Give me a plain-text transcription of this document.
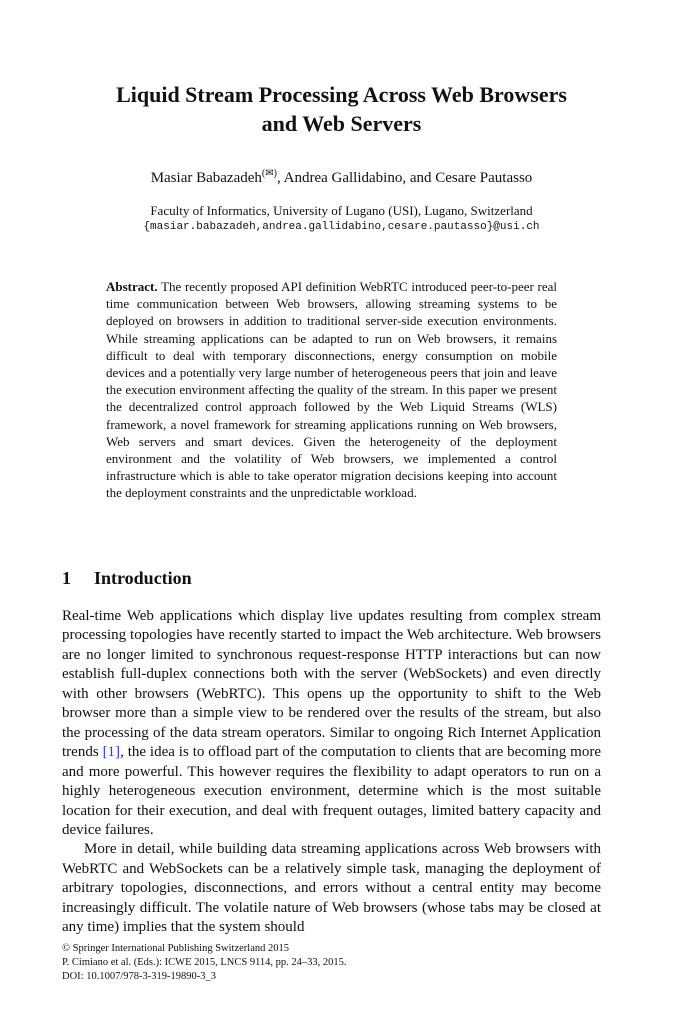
Liquid Stream Processing Across Web Browsers
and Web Servers
Masiar Babazadeh(✉), Andrea Gallidabino, and Cesare Pautasso
Faculty of Informatics, University of Lugano (USI), Lugano, Switzerland
{masiar.babazadeh,andrea.gallidabino,cesare.pautasso}@usi.ch
Abstract. The recently proposed API definition WebRTC introduced peer-to-peer real time communication between Web browsers, allowing streaming systems to be deployed on browsers in addition to traditional server-side execution environments. While streaming applications can be adapted to run on Web browsers, it remains difficult to deal with temporary disconnections, energy consumption on mobile devices and a potentially very large number of heterogeneous peers that join and leave the execution environment affecting the quality of the stream. In this paper we present the decentralized control approach followed by the Web Liquid Streams (WLS) framework, a novel framework for streaming applications running on Web browsers, Web servers and smart devices. Given the heterogeneity of the deployment environment and the volatility of Web browsers, we implemented a control infrastructure which is able to take operator migration decisions keeping into account the deployment constraints and the unpredictable workload.
1 Introduction

Real-time Web applications which display live updates resulting from complex stream processing topologies have recently started to impact the Web architecture. Web browsers are no longer limited to synchronous request-response HTTP interactions but can now establish full-duplex connections both with the server (WebSockets) and even directly with other browsers (WebRTC). This opens up the opportunity to shift to the Web browser more than a simple view to be rendered over the results of the stream, but also the processing of the data stream operators. Similar to ongoing Rich Internet Application trends [1], the idea is to offload part of the computation to clients that are becoming more and more powerful. This however requires the flexibility to adapt operators to run on a highly heterogeneous execution environment, determine which is the most suitable location for their execution, and deal with frequent outages, limited battery capacity and device failures.

More in detail, while building data streaming applications across Web browsers with WebRTC and WebSockets can be a relatively simple task, managing the deployment of arbitrary topologies, disconnections, and errors without a central entity may become increasingly difficult. The volatile nature of Web browsers (whose tabs may be closed at any time) implies that the system should

© Springer International Publishing Switzerland 2015
P. Cimiano et al. (Eds.): ICWE 2015, LNCS 9114, pp. 24–33, 2015.
DOI: 10.1007/978-3-319-19890-3_3
